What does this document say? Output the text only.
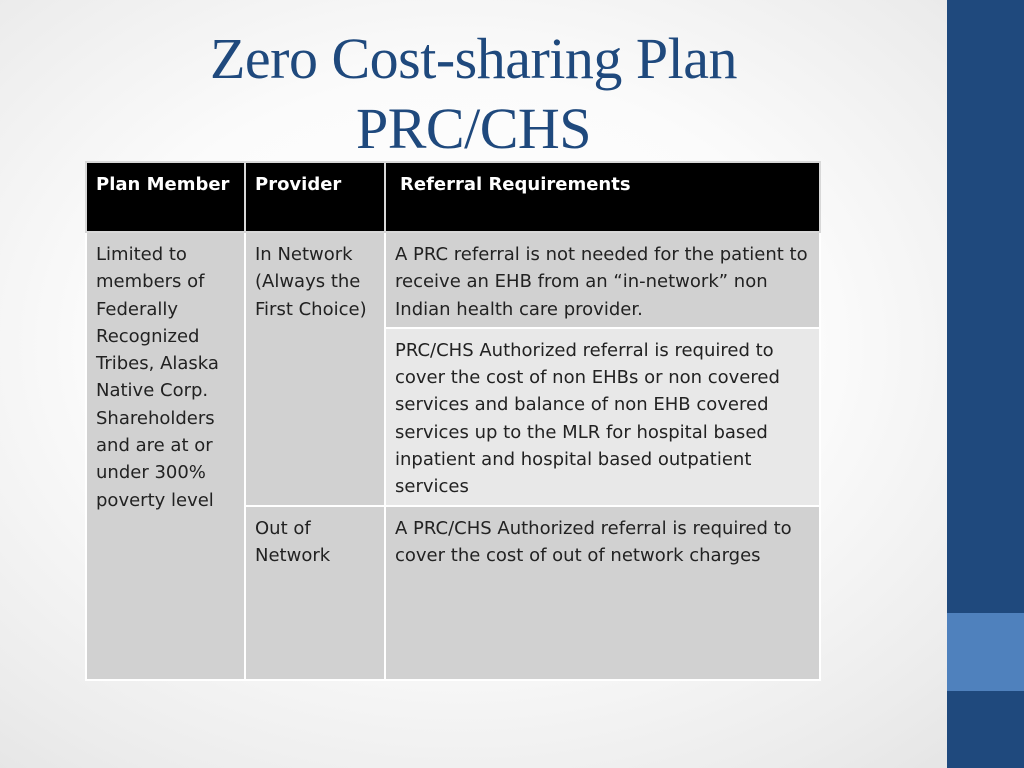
Zero Cost-sharing Plan
PRC/CHS
Plan Member	Provider	Referral Requirements
Limited to members of Federally Recognized Tribes, Alaska Native Corp. Shareholders and are at or under 300% poverty level	In Network (Always the First Choice)	A PRC referral is not needed for the patient to receive an EHB from an “in-network” non Indian health care provider.
		PRC/CHS Authorized referral is required to cover the cost of non EHBs or non covered services and balance of non EHB covered services up to the MLR for hospital based inpatient and hospital based outpatient services
	Out of Network	A PRC/CHS Authorized referral is required to cover the cost of out of network charges
